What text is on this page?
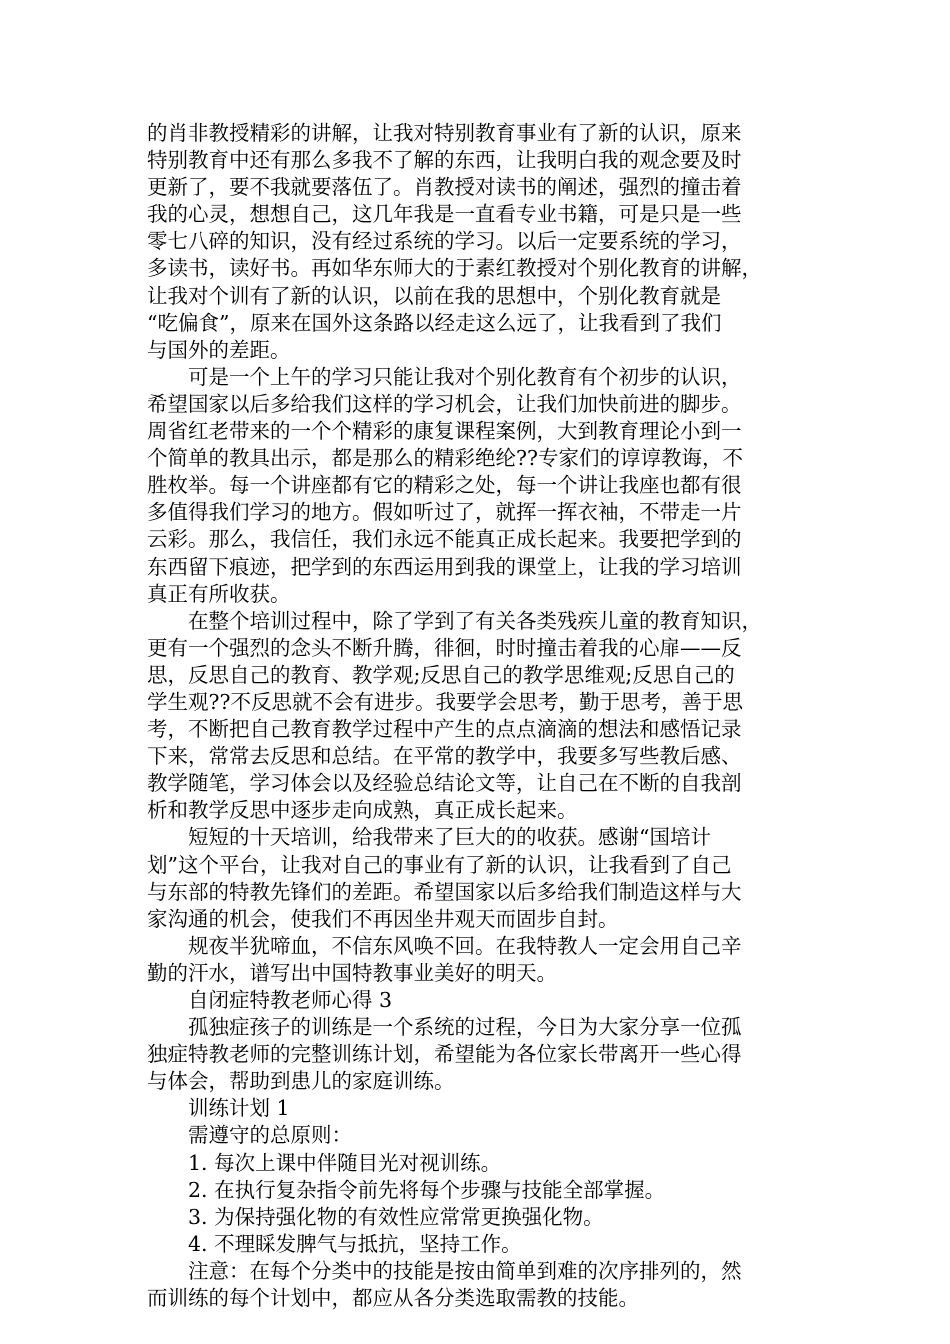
的肖非教授精彩的讲解，让我对特别教育事业有了新的认识，原来
特别教育中还有那么多我不了解的东西，让我明白我的观念要及时
更新了，要不我就要落伍了。肖教授对读书的阐述，强烈的撞击着
我的心灵，想想自己，这几年我是一直看专业书籍，可是只是一些
零七八碎的知识，没有经过系统的学习。以后一定要系统的学习，
多读书，读好书。再如华东师大的于素红教授对个别化教育的讲解，
让我对个训有了新的认识，以前在我的思想中，个别化教育就是
“吃偏食”，原来在国外这条路以经走这么远了，让我看到了我们
与国外的差距。
可是一个上午的学习只能让我对个别化教育有个初步的认识，
希望国家以后多给我们这样的学习机会，让我们加快前进的脚步。
周省红老带来的一个个精彩的康复课程案例，大到教育理论小到一
个简单的教具出示，都是那么的精彩绝纶??专家们的谆谆教诲，不
胜枚举。每一个讲座都有它的精彩之处，每一个讲让我座也都有很
多值得我们学习的地方。假如听过了，就挥一挥衣袖，不带走一片
云彩。那么，我信任，我们永远不能真正成长起来。我要把学到的
东西留下痕迹，把学到的东西运用到我的课堂上，让我的学习培训
真正有所收获。
在整个培训过程中，除了学到了有关各类残疾儿童的教育知识，
更有一个强烈的念头不断升腾，徘徊，时时撞击着我的心扉——反
思，反思自己的教育、教学观;反思自己的教学思维观;反思自己的
学生观??不反思就不会有进步。我要学会思考，勤于思考，善于思
考，不断把自己教育教学过程中产生的点点滴滴的想法和感悟记录
下来，常常去反思和总结。在平常的教学中，我要多写些教后感、
教学随笔，学习体会以及经验总结论文等，让自己在不断的自我剖
析和教学反思中逐步走向成熟，真正成长起来。
短短的十天培训，给我带来了巨大的的收获。感谢“国培计
划”这个平台，让我对自己的事业有了新的认识，让我看到了自己
与东部的特教先锋们的差距。希望国家以后多给我们制造这样与大
家沟通的机会，使我们不再因坐井观天而固步自封。
规夜半犹啼血，不信东风唤不回。在我特教人一定会用自己辛
勤的汗水，谱写出中国特教事业美好的明天。
自闭症特教老师心得 3
孤独症孩子的训练是一个系统的过程，今日为大家分享一位孤
独症特教老师的完整训练计划，希望能为各位家长带离开一些心得
与体会，帮助到患儿的家庭训练。
训练计划 1
需遵守的总原则：
1. 每次上课中伴随目光对视训练。
2. 在执行复杂指令前先将每个步骤与技能全部掌握。
3. 为保持强化物的有效性应常常更换强化物。
4. 不理睬发脾气与抵抗，坚持工作。
注意：在每个分类中的技能是按由简单到难的次序排列的，然
而训练的每个计划中，都应从各分类选取需教的技能。
